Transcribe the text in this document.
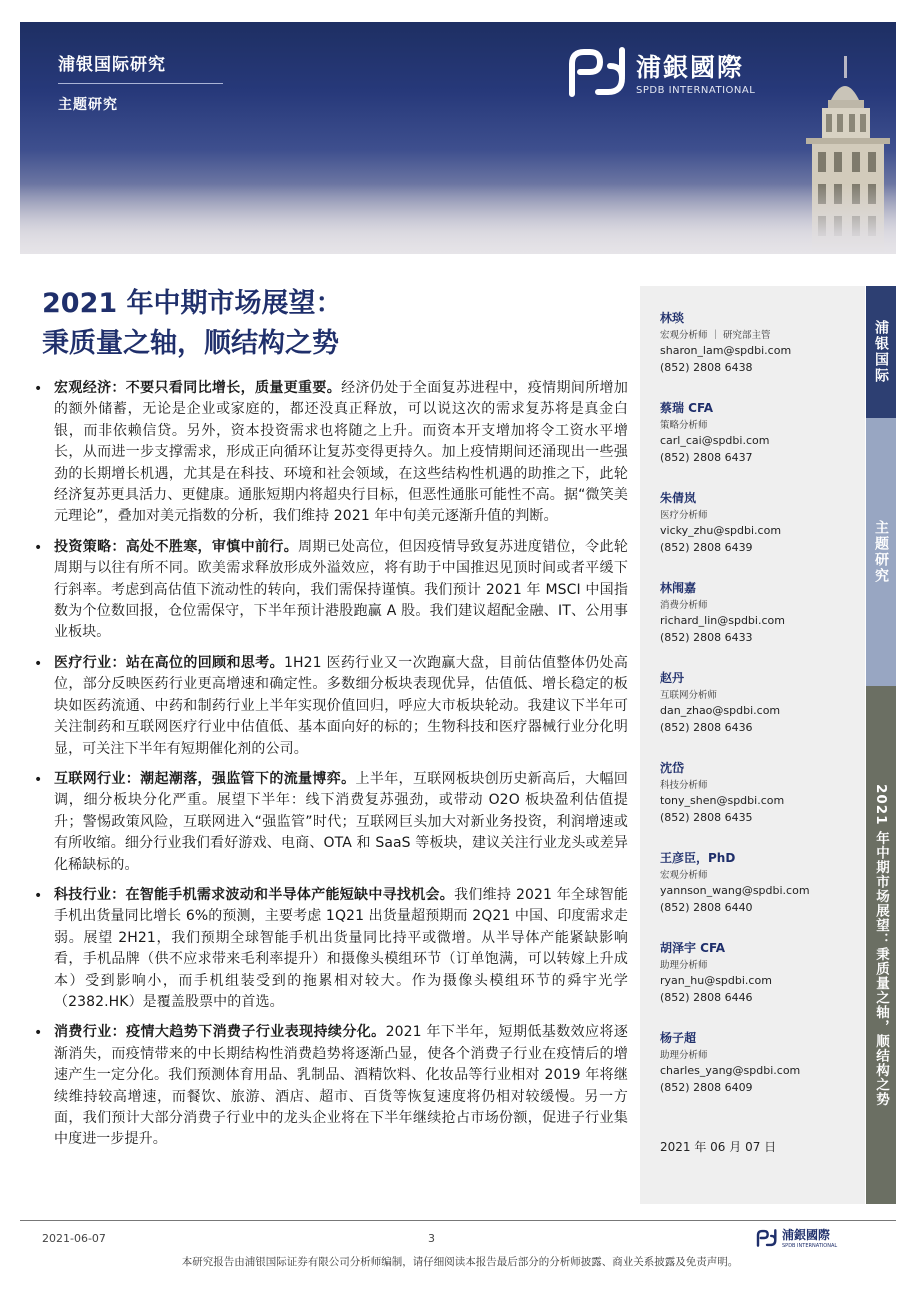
浦银国际研究
主题研究
浦銀國際
SPDB INTERNATIONAL
2021 年中期市场展望：
秉质量之轴，顺结构之势
• 宏观经济：不要只看同比增长，质量更重要。经济仍处于全面复苏进程中，疫情期间所增加的额外储蓄，无论是企业或家庭的，都还没真正释放，可以说这次的需求复苏将是真金白银，而非依赖信贷。另外，资本投资需求也将随之上升。而资本开支增加将令工资水平增长，从而进一步支撑需求，形成正向循环让复苏变得更持久。加上疫情期间还涌现出一些强劲的长期增长机遇，尤其是在科技、环境和社会领域，在这些结构性机遇的助推之下，此轮经济复苏更具活力、更健康。通胀短期内将超央行目标，但恶性通胀可能性不高。据“微笑美元理论”，叠加对美元指数的分析，我们维持 2021 年中旬美元逐渐升值的判断。

• 投资策略：高处不胜寒，审慎中前行。周期已处高位，但因疫情导致复苏进度错位，令此轮周期与以往有所不同。欧美需求释放形成外溢效应，将有助于中国推迟见顶时间或者平缓下行斜率。考虑到高估值下流动性的转向，我们需保持谨慎。我们预计 2021 年 MSCI 中国指数为个位数回报，仓位需保守，下半年预计港股跑赢 A 股。我们建议超配金融、IT、公用事业板块。

• 医疗行业：站在高位的回顾和思考。1H21 医药行业又一次跑赢大盘，目前估值整体仍处高位，部分反映医药行业更高增速和确定性。多数细分板块表现优异，估值低、增长稳定的板块如医药流通、中药和制药行业上半年实现价值回归，呼应大市板块轮动。我建议下半年可关注制药和互联网医疗行业中估值低、基本面向好的标的；生物科技和医疗器械行业分化明显，可关注下半年有短期催化剂的公司。

• 互联网行业：潮起潮落，强监管下的流量博弈。上半年，互联网板块创历史新高后，大幅回调，细分板块分化严重。展望下半年：线下消费复苏强劲，或带动 O2O 板块盈利估值提升；警惕政策风险，互联网进入“强监管”时代；互联网巨头加大对新业务投资，利润增速或有所收缩。细分行业我们看好游戏、电商、OTA 和 SaaS 等板块，建议关注行业龙头或差异化稀缺标的。

• 科技行业：在智能手机需求波动和半导体产能短缺中寻找机会。我们维持 2021 年全球智能手机出货量同比增长 6%的预测，主要考虑 1Q21 出货量超预期而 2Q21 中国、印度需求走弱。展望 2H21，我们预期全球智能手机出货量同比持平或微增。从半导体产能紧缺影响看，手机品牌（供不应求带来毛利率提升）和摄像头模组环节（订单饱满，可以转嫁上升成本）受到影响小，而手机组装受到的拖累相对较大。作为摄像头模组环节的舜宇光学（2382.HK）是覆盖股票中的首选。

• 消费行业：疫情大趋势下消费子行业表现持续分化。2021 年下半年，短期低基数效应将逐渐消失，而疫情带来的中长期结构性消费趋势将逐渐凸显，使各个消费子行业在疫情后的增速产生一定分化。我们预测体育用品、乳制品、酒精饮料、化妆品等行业相对 2019 年将继续维持较高增速，而餐饮、旅游、酒店、超市、百货等恢复速度将仍相对较缓慢。另一方面，我们预计大部分消费子行业中的龙头企业将在下半年继续抢占市场份额，促进子行业集中度进一步提升。

林琰
宏观分析师 ｜ 研究部主管
sharon_lam@spdbi.com
(852) 2808 6438
蔡瑞 CFA
策略分析师
carl_cai@spdbi.com
(852) 2808 6437
朱倩岚
医疗分析师
vicky_zhu@spdbi.com
(852) 2808 6439
林闱嘉
消费分析师
richard_lin@spdbi.com
(852) 2808 6433
赵丹
互联网分析师
dan_zhao@spdbi.com
(852) 2808 6436
沈岱
科技分析师
tony_shen@spdbi.com
(852) 2808 6435
王彦臣，PhD
宏观分析师
yannson_wang@spdbi.com
(852) 2808 6440
胡泽宇 CFA
助理分析师
ryan_hu@spdbi.com
(852) 2808 6446
杨子超
助理分析师
charles_yang@spdbi.com
(852) 2808 6409
2021 年 06 月 07 日
浦银国际
主题研究
2021 年中期市场展望：秉质量之轴，顺结构之势
2021-06-07	3	浦銀國際
SPDB INTERNATIONAL
本研究报告由浦银国际证券有限公司分析师编制，请仔细阅读本报告最后部分的分析师披露、商业关系披露及免责声明。
